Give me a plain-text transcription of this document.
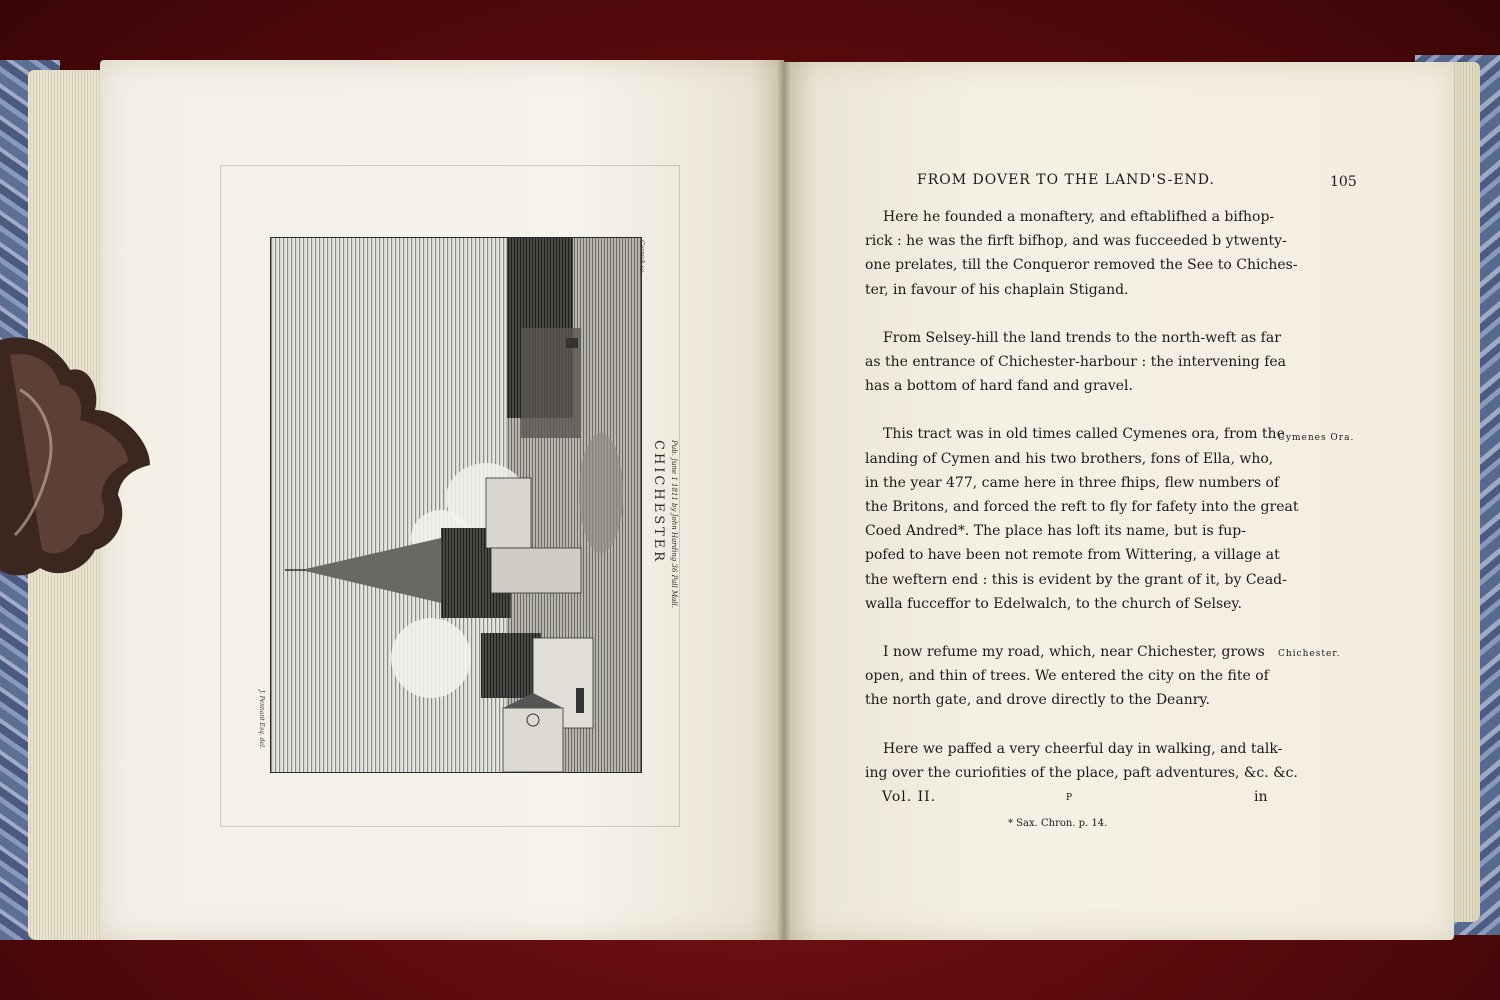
CHICHESTER Pub. June 1 1811 by John Harding 36 Pall Mall.
J. Pennant Esq. del.
Cornish sc.
FROM DOVER TO THE LAND'S-END.	105

Here he founded a monaftery, and eftablifhed a bifhop-
rick : he was the firft bifhop, and was fucceeded b ytwenty-
one prelates, till the Conqueror removed the See to Chiches-
ter, in favour of his chaplain Stigand.

From Selsey-hill the land trends to the north-weft as far
as the entrance of Chichester-harbour : the intervening fea
has a bottom of hard fand and gravel.

This tract was in old times called Cymenes ora, from the
landing of Cymen and his two brothers, fons of Ella, who,
in the year 477, came here in three fhips, flew numbers of
the Britons, and forced the reft to fly for fafety into the great
Coed Andred*. The place has loft its name, but is fup-
pofed to have been not remote from Wittering, a village at
the weftern end : this is evident by the grant of it, by Cead-
walla fucceffor to Edelwalch, to the church of Selsey.

I now refume my road, which, near Chichester, grows
open, and thin of trees. We entered the city on the fite of
the north gate, and drove directly to the Deanry.

Here we paffed a very cheerful day in walking, and talk-
ing over the curiofities of the place, paft adventures, &c. &c.

Cymenes Ora.
Chichester.
Vol. II.	P	in
* Sax. Chron. p. 14.
